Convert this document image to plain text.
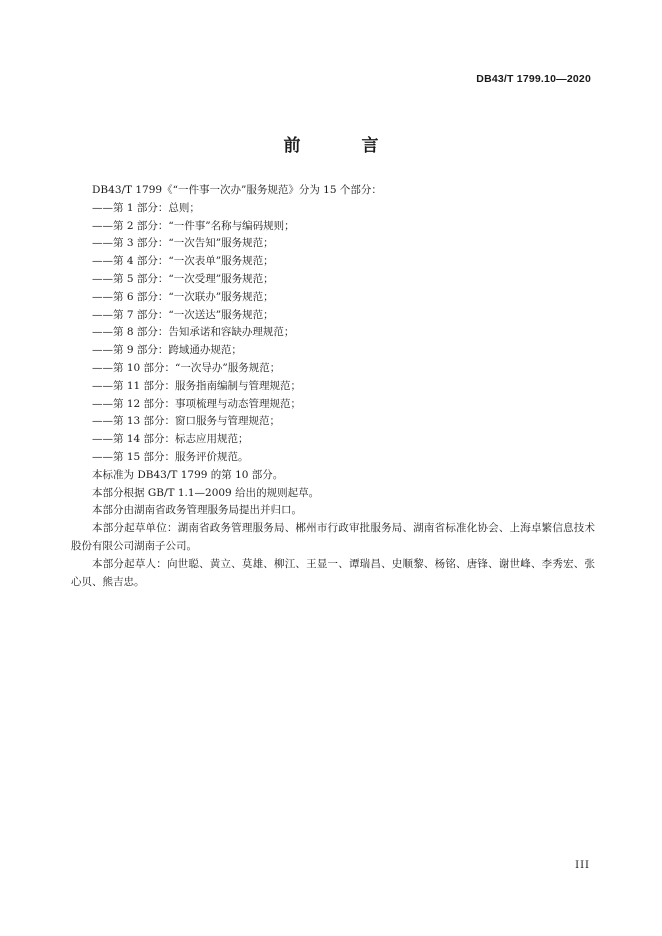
DB43/T 1799.10—2020
前　言

DB43/T 1799《“一件事一次办”服务规范》分为 15 个部分：

——第 1 部分：总则；
——第 2 部分：“一件事”名称与编码规则；
——第 3 部分：“一次告知”服务规范；
——第 4 部分：“一次表单”服务规范；
——第 5 部分：“一次受理”服务规范；
——第 6 部分：“一次联办”服务规范；
——第 7 部分：“一次送达”服务规范；
——第 8 部分：告知承诺和容缺办理规范；
——第 9 部分：跨域通办规范；
——第 10 部分：“一次导办”服务规范；
——第 11 部分：服务指南编制与管理规范；
——第 12 部分：事项梳理与动态管理规范；
——第 13 部分：窗口服务与管理规范；
——第 14 部分：标志应用规范；
——第 15 部分：服务评价规范。

本标准为 DB43/T 1799 的第 10 部分。

本部分根据 GB/T 1.1—2009 给出的规则起草。

本部分由湖南省政务管理服务局提出并归口。

本部分起草单位：湖南省政务管理服务局、郴州市行政审批服务局、湖南省标准化协会、上海卓繁信息技术股份有限公司湖南子公司。

本部分起草人：向世聪、黄立、莫雄、柳江、王显一、谭瑞昌、史顺黎、杨铭、唐锋、谢世峰、李秀宏、张心贝、熊吉忠。

III
